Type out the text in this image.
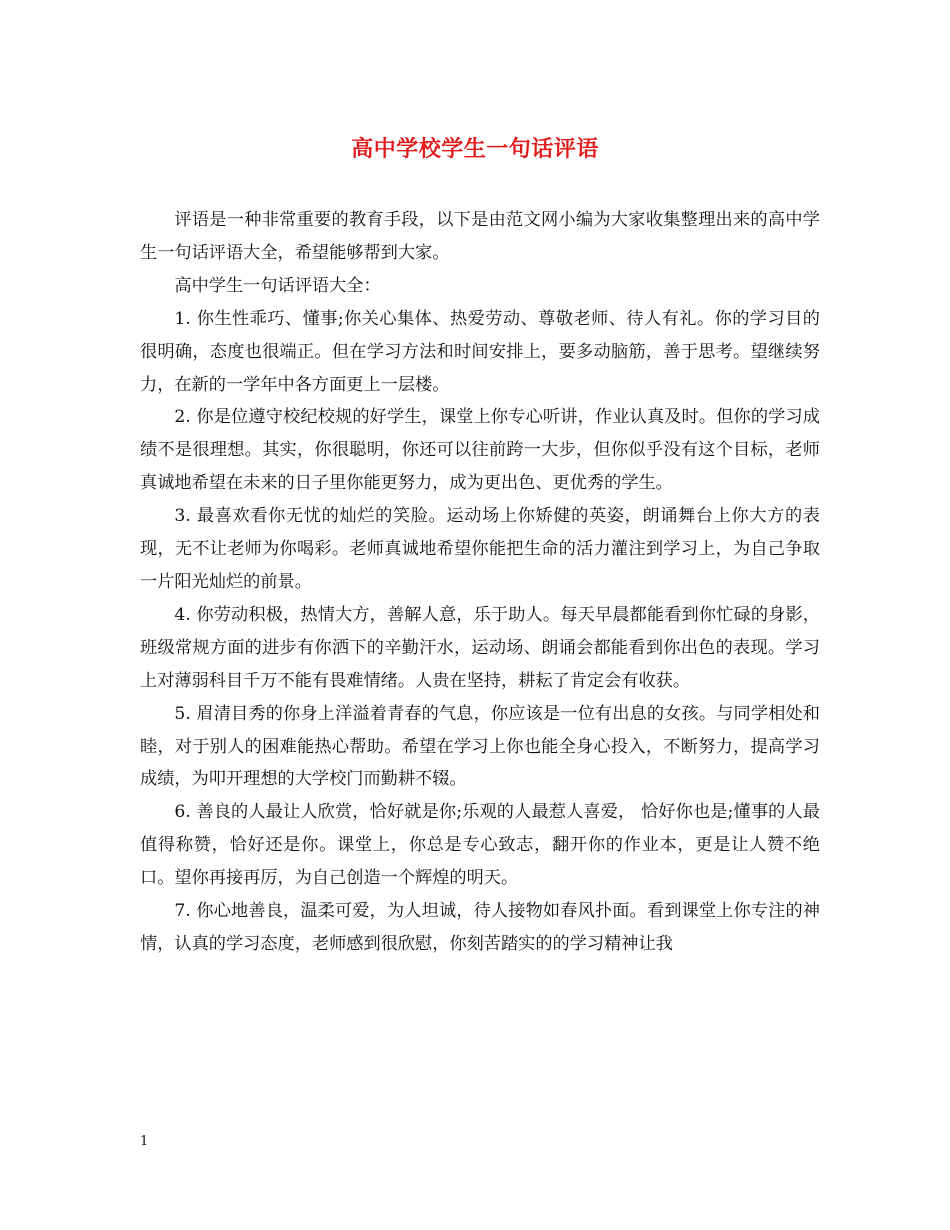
高中学校学生一句话评语

评语是一种非常重要的教育手段，以下是由范文网小编为大家收集整理出来的高中学生一句话评语大全，希望能够帮到大家。

高中学生一句话评语大全：

1. 你生性乖巧、懂事;你关心集体、热爱劳动、尊敬老师、待人有礼。你的学习目的很明确，态度也很端正。但在学习方法和时间安排上，要多动脑筋，善于思考。望继续努力，在新的一学年中各方面更上一层楼。

2. 你是位遵守校纪校规的好学生，课堂上你专心听讲，作业认真及时。但你的学习成绩不是很理想。其实，你很聪明，你还可以往前跨一大步，但你似乎没有这个目标，老师真诚地希望在未来的日子里你能更努力，成为更出色、更优秀的学生。

3. 最喜欢看你无忧的灿烂的笑脸。运动场上你矫健的英姿，朗诵舞台上你大方的表现，无不让老师为你喝彩。老师真诚地希望你能把生命的活力灌注到学习上，为自己争取一片阳光灿烂的前景。

4. 你劳动积极，热情大方，善解人意，乐于助人。每天早晨都能看到你忙碌的身影，班级常规方面的进步有你洒下的辛勤汗水，运动场、朗诵会都能看到你出色的表现。学习上对薄弱科目千万不能有畏难情绪。人贵在坚持，耕耘了肯定会有收获。

5. 眉清目秀的你身上洋溢着青春的气息，你应该是一位有出息的女孩。与同学相处和睦，对于别人的困难能热心帮助。希望在学习上你也能全身心投入，不断努力，提高学习成绩，为叩开理想的大学校门而勤耕不辍。

6. 善良的人最让人欣赏，恰好就是你;乐观的人最惹人喜爱， 恰好你也是;懂事的人最值得称赞，恰好还是你。课堂上，你总是专心致志，翻开你的作业本，更是让人赞不绝口。望你再接再厉，为自己创造一个辉煌的明天。

7. 你心地善良，温柔可爱，为人坦诚，待人接物如春风扑面。看到课堂上你专注的神情，认真的学习态度，老师感到很欣慰，你刻苦踏实的的学习精神让我

1
